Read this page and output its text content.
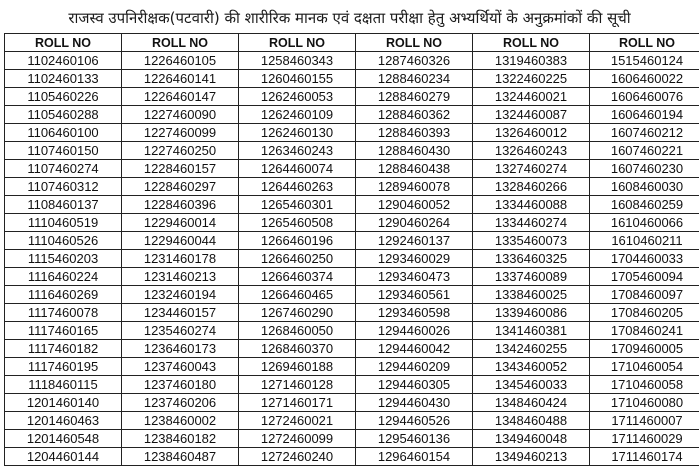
राजस्व उपनिरीक्षक(पटवारी) की शारीरिक मानक एवं दक्षता परीक्षा हेतु अभ्यर्थियों के अनुक्रमांकों की सूची
ROLL NO	ROLL NO	ROLL NO	ROLL NO	ROLL NO	ROLL NO
1102460106	1226460105	1258460343	1287460326	1319460383	1515460124
1102460133	1226460141	1260460155	1288460234	1322460225	1606460022
1105460226	1226460147	1262460053	1288460279	1324460021	1606460076
1105460288	1227460090	1262460109	1288460362	1324460087	1606460194
1106460100	1227460099	1262460130	1288460393	1326460012	1607460212
1107460150	1227460250	1263460243	1288460430	1326460243	1607460221
1107460274	1228460157	1264460074	1288460438	1327460274	1607460230
1107460312	1228460297	1264460263	1289460078	1328460266	1608460030
1108460137	1228460396	1265460301	1290460052	1334460088	1608460259
1110460519	1229460014	1265460508	1290460264	1334460274	1610460066
1110460526	1229460044	1266460196	1292460137	1335460073	1610460211
1115460203	1231460178	1266460250	1293460029	1336460325	1704460033
1116460224	1231460213	1266460374	1293460473	1337460089	1705460094
1116460269	1232460194	1266460465	1293460561	1338460025	1708460097
1117460078	1234460157	1267460290	1293460598	1339460086	1708460205
1117460165	1235460274	1268460050	1294460026	1341460381	1708460241
1117460182	1236460173	1268460370	1294460042	1342460255	1709460005
1117460195	1237460043	1269460188	1294460209	1343460052	1710460054
1118460115	1237460180	1271460128	1294460305	1345460033	1710460058
1201460140	1237460206	1271460171	1294460430	1348460424	1710460080
1201460463	1238460002	1272460021	1294460526	1348460488	1711460007
1201460548	1238460182	1272460099	1295460136	1349460048	1711460029
1204460144	1238460487	1272460240	1296460154	1349460213	1711460174
